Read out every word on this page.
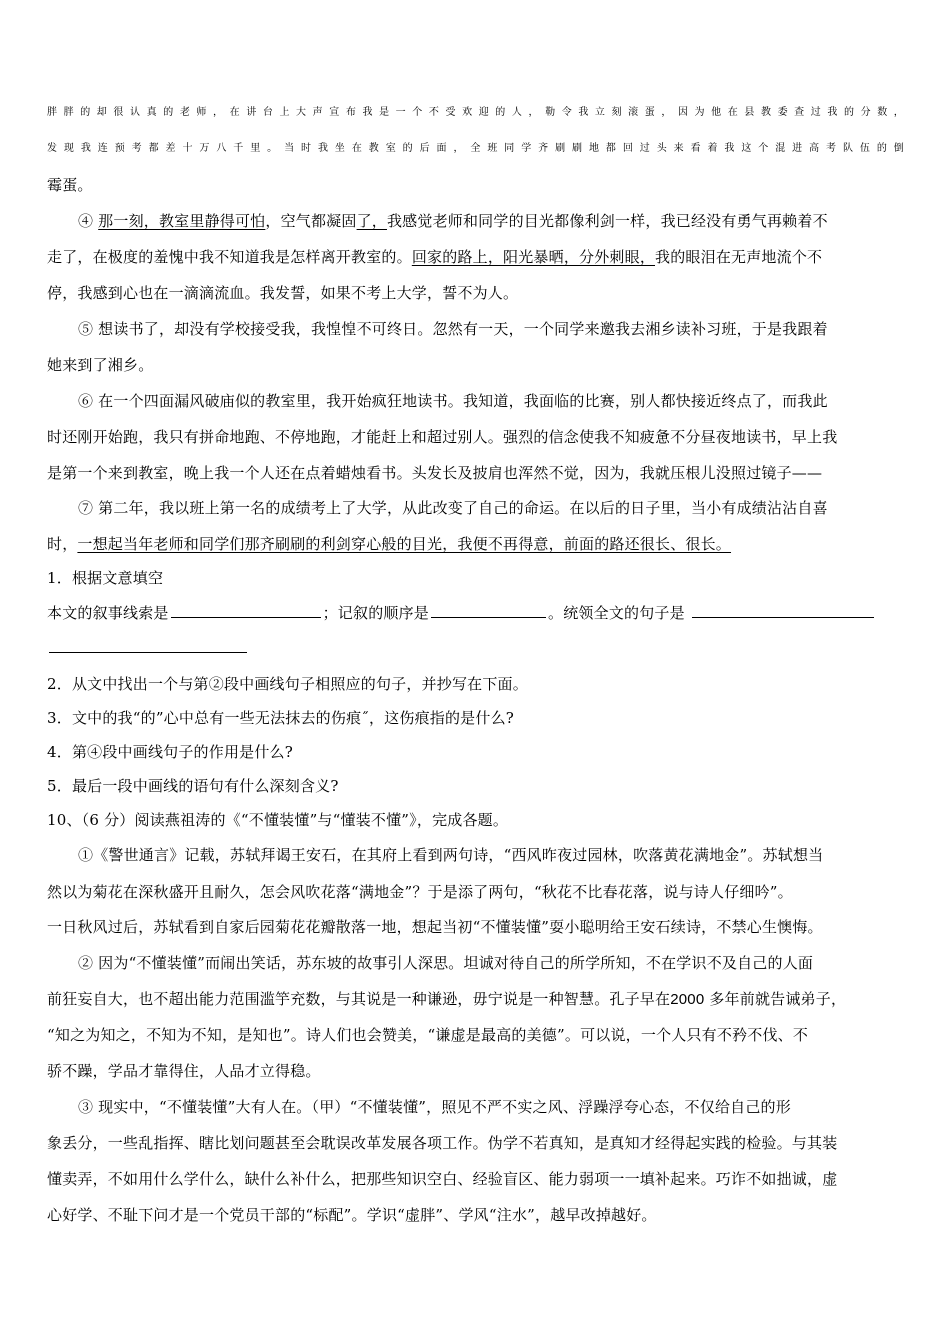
胖胖的却很认真的老师，在讲台上大声宣布我是一个不受欢迎的人，勒令我立刻滚蛋，因为他在县教委查过我的分数，
发现我连预考都差十万八千里。当时我坐在教室的后面，全班同学齐刷刷地都回过头来看着我这个混进高考队伍的倒
霉蛋。
④ 那一刻，教室里静得可怕，空气都凝固了，我感觉老师和同学的目光都像利剑一样，我已经没有勇气再赖着不
走了，在极度的羞愧中我不知道我是怎样离开教室的。回家的路上，阳光暴晒，分外刺眼，我的眼泪在无声地流个不
停，我感到心也在一滴滴流血。我发誓，如果不考上大学，誓不为人。
⑤ 想读书了，却没有学校接受我，我惶惶不可终日。忽然有一天，一个同学来邀我去湘乡读补习班，于是我跟着
她来到了湘乡。
⑥ 在一个四面漏风破庙似的教室里，我开始疯狂地读书。我知道，我面临的比赛，别人都快接近终点了，而我此
时还刚开始跑，我只有拼命地跑、不停地跑，才能赶上和超过别人。强烈的信念使我不知疲惫不分昼夜地读书，早上我
是第一个来到教室，晚上我一个人还在点着蜡烛看书。头发长及披肩也浑然不觉，因为，我就压根儿没照过镜子——
⑦ 第二年，我以班上第一名的成绩考上了大学，从此改变了自己的命运。在以后的日子里，当小有成绩沾沾自喜
时，一想起当年老师和同学们那齐刷刷的利剑穿心般的目光，我便不再得意，前面的路还很长、很长。
1．根据文意填空
本文的叙事线索是	；记叙的顺序是	。统领全文的句子是
2．从文中找出一个与第②段中画线句子相照应的句子，并抄写在下面。
3．文中的我“的”心中总有一些无法抹去的伤痕˝，这伤痕指的是什么?
4．第④段中画线句子的作用是什么?
5．最后一段中画线的语句有什么深刻含义?
10、（6 分）阅读燕祖涛的《“不懂装懂”与“懂装不懂”》，完成各题。
①《警世通言》记载，苏轼拜谒王安石，在其府上看到两句诗，“西风昨夜过园林，吹落黄花满地金”。苏轼想当
然以为菊花在深秋盛开且耐久，怎会风吹花落“满地金”？于是添了两句，“秋花不比春花落，说与诗人仔细吟”。
一日秋风过后，苏轼看到自家后园菊花花瓣散落一地，想起当初“不懂装懂”耍小聪明给王安石续诗，不禁心生懊悔。
② 因为“不懂装懂”而闹出笑话，苏东坡的故事引人深思。坦诚对待自己的所学所知，不在学识不及自己的人面
前狂妄自大，也不超出能力范围滥竽充数，与其说是一种谦逊，毋宁说是一种智慧。孔子早在2000 多年前就告诫弟子，
“知之为知之，不知为不知，是知也”。诗人们也会赞美，“谦虚是最高的美德”。可以说，一个人只有不矜不伐、不
骄不躁，学品才靠得住，人品才立得稳。
③ 现实中，“不懂装懂”大有人在。（甲）“不懂装懂”，照见不严不实之风、浮躁浮夸心态，不仅给自己的形
象丢分，一些乱指挥、瞎比划问题甚至会耽误改革发展各项工作。伪学不若真知，是真知才经得起实践的检验。与其装
懂卖弄，不如用什么学什么，缺什么补什么，把那些知识空白、经验盲区、能力弱项一一填补起来。巧诈不如拙诚，虚
心好学、不耻下问才是一个党员干部的“标配”。学识“虚胖”、学风“注水”，越早改掉越好。
